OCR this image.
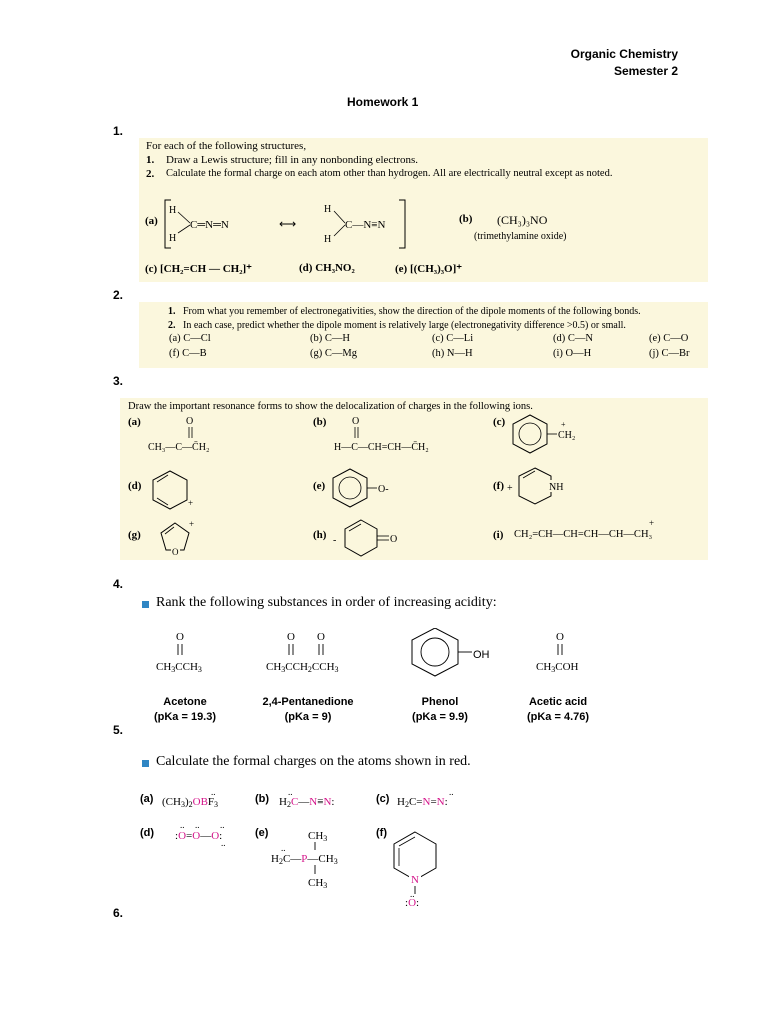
Organic Chemistry
Semester 2
Homework 1
1.
2.
3.
4.
5.
6.
For each of the following structures,
1. Draw a Lewis structure; fill in any nonbonding electrons.
2. Calculate the formal charge on each atom other than hydrogen. All are electrically neutral except as noted.
(a)
H
H
C═N═N	⟷
H
H
C—N≡N	(b) (CH₃)₃NO
(trimethylamine oxide)
(c) [CH₂=CH — CH₂]⁺	(d) CH₃NO₂	(e) [(CH₃)₃O]⁺
1. From what you remember of electronegativities, show the direction of the dipole moments of the following bonds.
2. In each case, predict whether the dipole moment is relatively large (electronegativity difference >0.5) or small.
(a) C—Cl	(b) C—H	(c) C—Li	(d) C—N	(e) C—O
(f) C—B	(g) C—Mg	(h) N—H	(i) O—H	(j) C—Br
Draw the important resonance forms to show the delocalization of charges in the following ions.
(a)	(b)	(c)
(d)	(e)	(f)
(g)	(h)	(i)
O
CH₃—C—C̄H₂
O
H—C—CH=CH—C̄H₂
CH₂
+
+
O-	+	NH
O
+
-	O	CH₂=CH—CH=CH—CH—CH₃
+
Rank the following substances in order of increasing acidity:
O
CH3CCH3
O O
CH3CCH2CCH3
O
CH3COH
OH
Acetone
(pKa = 19.3)
2,4-Pentanedione
(pKa = 9)
Phenol
(pKa = 9.9)
Acetic acid
(pKa = 4.76)
Calculate the formal charges on the atoms shown in red.
(a)	(b)	(c)
(d)	(e)	(f)
(CH3)2OBF3
..
H2C—N≡N:
..
H2C=N=N:
..
:O=O—O:
.. .. ..
..
CH3
H2C—P—CH3
..
CH3	N
:O:
..
